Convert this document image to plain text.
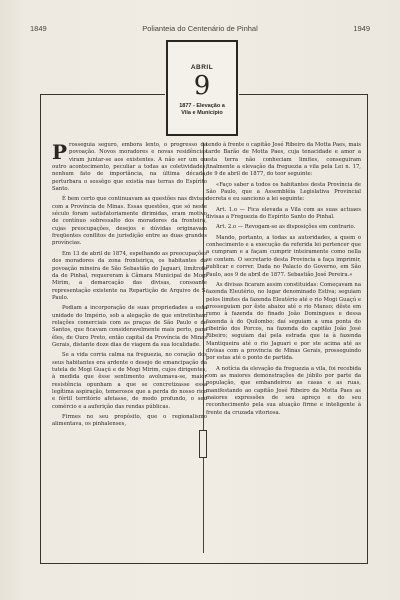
1849	Polianteia do Centenário de Pinhal	1949
ABRIL
9
1877 - Elevação a
Vila e Município

Prosseguia seguro, embora lento, o progresso da povoação. Novos moradores e novas residências viram juntar-se aos existentes. A não ser um ou outro acontecimento, peculiar a todas as coletividades, nenhum fato de importância, na última década, perturbara o sossêgo que existia nas terras do Espírito Santo.

É bem certo que continuavam as questões nas divisas com a Província de Minas. Essas questões, que só neste século foram satisfatoriamente dirimidas, eram motivo de contínuo sobressalto dos moradores da fronteira, cujas preocupações, desejos e dúvidas originavam freqüentes conflitos de jurisdição entre as duas grandes províncias.

Em 13 de abril de 1874, espelhando as preocupações dos moradores da zona fronteiriça, os habitantes da povoação mineira de São Sebastião do Jaguari, limítrofe da de Pinhal, requereram à Câmara Municipal de Mogi Mirim, a demarcação das divisas, consoante representação existente na Repartição de Arquivo de S. Paulo.

Podiam a incorporação de suas propriedades a esta unidade do Império, sob a alegação de que entretinham relações comerciais com as praças de São Paulo e de Santos, que ficavam consideravelmente mais perto, para êles, de Ouro Preto, então capital da Província de Minas Gerais, distante doze dias de viagem da sua localidade.

Se a vida corria calma na freguezia, no coração dos seus habitantes era ardente o desejo de emancipação da tutela de Mogi Guaçú e de Mogi Mirim, cujos dirigentes, à medida que êsse sentimento avolumava-se, maior resistência opunham a que se concretizasse essa legítima aspiração, temerosos que a perda do nosso rico e fértil território afetasse, de modo profundo, o seu comércio e a auferição das rendas públicas.

Firmes no seu propósito, que o regionalismo alimentava, os pinhalenses,

tendo à frente o capitão José Ribeiro da Motta Paes, mais tarde Barão de Motta Paes, cuja tenacidade e amor a esta terra não conheciam limites, conseguiram finalmente a elevação da freguezia a vila pela Lei n. 17, de 9 de abril de 1877, do teor seguinte:

«Faço saber a todos os habitantes desta Província de São Paulo, que a Assembléia Legislativa Provincial decreta e eu sanciono a lei seguinte:

Art. 1.o — Fica elevada a Vila com as suas actuaes divisas a Freguezia do Espírito Santo do Pinhal.

Art. 2.o — Revogam-se as disposições em contrario.

Mando, portanto, a todas as autoridades, a quem o conhecimento e a execução da referida lei pertencer que a cumpram e a façam cumprir inteiramente como nella se contem. O secretario desta Provincia a faça imprimir, publicar e correr. Dada no Palacio do Governo, em São Paulo, aos 9 de abril de 1877. Sebastião José Pereira.»

As divisas ficaram assim constituidas: Começavam na fazenda Eleutério, no lugar denominado Estiva; seguiam pelos limites da fazenda Eleutério até o rio Mogi Guaçú e prosseguiam por êste abaixo até o rio Manso; dêste em rumo à fazenda do finado João Domingues e dessa fazenda à do Quilombo; daí seguiam a uma ponta do ribeirão dos Porcos, na fazenda do capitão João José Ribeiro; seguiam daí pela estrada que ia à fazenda Mantiqueira até o rio Jaguari e por ste acima até as divisas com a provincia de Minas Gerais, prosseguindo por estas até o ponto de partida.

A notícia da elevação da freguezia a vila, foi recebida com as maiores demonstrações de júbilo por parte da população, que embandeirou as casas e as ruas, manifestando ao capitão José Ribeiro da Motta Paes as maiores expressões de seu apreço e do seu reconhecimento pela sua atuação firme e inteligente à frente da cruzada vitoriosa.
